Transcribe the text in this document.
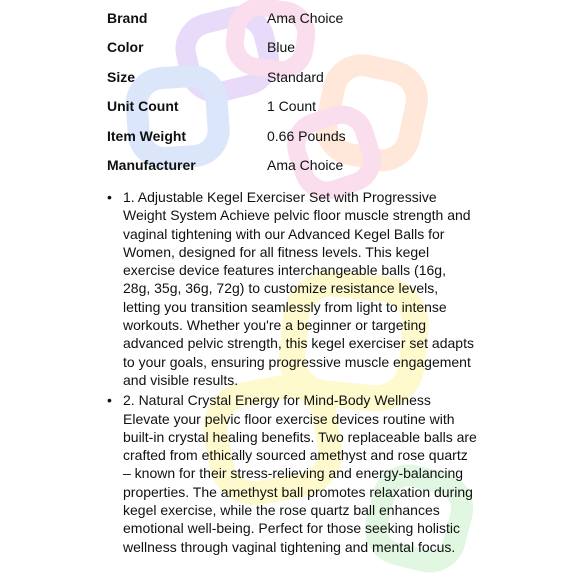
Brand	Ama Choice
Color	Blue
Size	Standard
Unit Count	1 Count
Item Weight	0.66 Pounds
Manufacturer	Ama Choice
• 1. Adjustable Kegel Exerciser Set with Progressive Weight System Achieve pelvic floor muscle strength and vaginal tightening with our Advanced Kegel Balls for Women, designed for all fitness levels. This kegel exercise device features interchangeable balls (16g, 28g, 35g, 36g, 72g) to customize resistance levels, letting you transition seamlessly from light to intense workouts. Whether you're a beginner or targeting advanced pelvic strength, this kegel exerciser set adapts to your goals, ensuring progressive muscle engagement and visible results.
• 2. Natural Crystal Energy for Mind-Body Wellness Elevate your pelvic floor exercise devices routine with built-in crystal healing benefits. Two replaceable balls are crafted from ethically sourced amethyst and rose quartz – known for their stress-relieving and energy-balancing properties. The amethyst ball promotes relaxation during kegel exercise, while the rose quartz ball enhances emotional well-being. Perfect for those seeking holistic wellness through vaginal tightening and mental focus.
